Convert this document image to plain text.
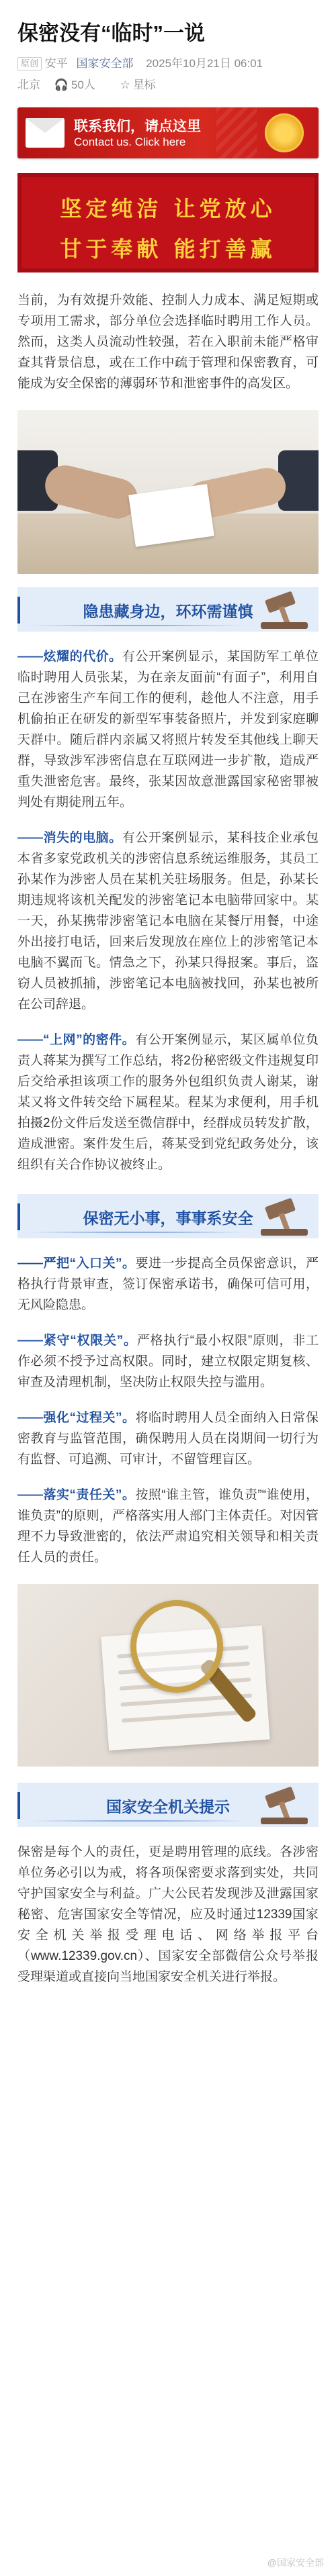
保密没有“临时”一说
原创 安平 国家安全部 2025年10月21日 06:01
北京 🎧 50人 ☆ 星标
联系我们，请点这里
Contact us. Click here
坚定纯洁 让党放心
甘于奉献 能打善赢

当前，为有效提升效能、控制人力成本、满足短期或专项用工需求，部分单位会选择临时聘用工作人员。然而，这类人员流动性较强，若在入职前未能严格审查其背景信息，或在工作中疏于管理和保密教育，可能成为安全保密的薄弱环节和泄密事件的高发区。

隐患藏身边，环环需谨慎

——炫耀的代价。有公开案例显示，某国防军工单位临时聘用人员张某，为在亲友面前“有面子”，利用自己在涉密生产车间工作的便利，趁他人不注意，用手机偷拍正在研发的新型军事装备照片，并发到家庭聊天群中。随后群内亲属又将照片转发至其他线上聊天群，导致涉军涉密信息在互联网进一步扩散，造成严重失泄密危害。最终，张某因故意泄露国家秘密罪被判处有期徒刑五年。

——消失的电脑。有公开案例显示，某科技企业承包本省多家党政机关的涉密信息系统运维服务，其员工孙某作为涉密人员在某机关驻场服务。但是，孙某长期违规将该机关配发的涉密笔记本电脑带回家中。某一天，孙某携带涉密笔记本电脑在某餐厅用餐，中途外出接打电话，回来后发现放在座位上的涉密笔记本电脑不翼而飞。情急之下，孙某只得报案。事后，盗窃人员被抓捕，涉密笔记本电脑被找回，孙某也被所在公司辞退。

——“上网”的密件。有公开案例显示，某区属单位负责人蒋某为撰写工作总结，将2份秘密级文件违规复印后交给承担该项工作的服务外包组织负责人谢某，谢某又将文件转交给下属程某。程某为求便利，用手机拍摄2份文件后发送至微信群中，经群成员转发扩散，造成泄密。案件发生后，蒋某受到党纪政务处分，该组织有关合作协议被终止。

保密无小事，事事系安全

——严把“入口关”。要进一步提高全员保密意识，严格执行背景审查，签订保密承诺书，确保可信可用，无风险隐患。

——紧守“权限关”。严格执行“最小权限”原则，非工作必须不授予过高权限。同时，建立权限定期复核、审查及清理机制，坚决防止权限失控与滥用。

——强化“过程关”。将临时聘用人员全面纳入日常保密教育与监管范围，确保聘用人员在岗期间一切行为有监督、可追溯、可审计，不留管理盲区。

——落实“责任关”。按照“谁主管，谁负责”“谁使用，谁负责”的原则，严格落实用人部门主体责任。对因管理不力导致泄密的，依法严肃追究相关领导和相关责任人员的责任。

国家安全机关提示

保密是每个人的责任，更是聘用管理的底线。各涉密单位务必引以为戒，将各项保密要求落到实处，共同守护国家安全与利益。广大公民若发现涉及泄露国家秘密、危害国家安全等情况，应及时通过12339国家安全机关举报受理电话、网络举报平台（www.12339.gov.cn）、国家安全部微信公众号举报受理渠道或直接向当地国家安全机关进行举报。

@国家安全部
